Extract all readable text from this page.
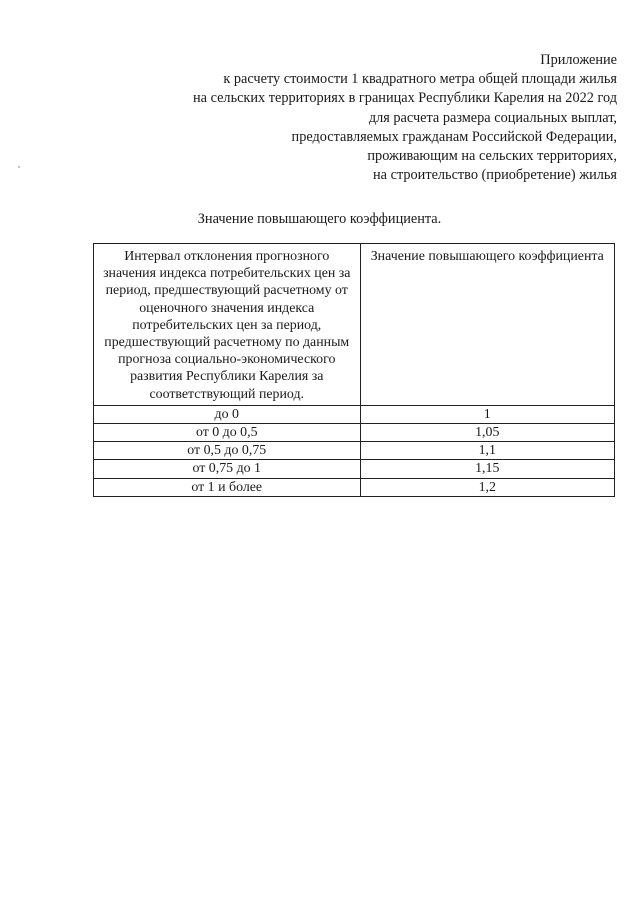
Приложение
к расчету стоимости 1 квадратного метра общей площади жилья
на сельских территориях в границах Республики Карелия на 2022 год
для расчета размера социальных выплат,
предоставляемых гражданам Российской Федерации,
проживающим на сельских территориях,
на строительство (приобретение) жилья
Значение повышающего коэффициента.
Интервал отклонения прогнозного значения индекса потребительских цен за период, предшествующий расчетному от оценочного значения индекса потребительских цен за период, предшествующий расчетному по данным прогноза социально-экономического развития Республики Карелия за соответствующий период.	Значение повышающего коэффициента
до 0	1
от 0 до 0,5	1,05
от 0,5 до 0,75	1,1
от 0,75 до 1	1,15
от 1 и более	1,2
